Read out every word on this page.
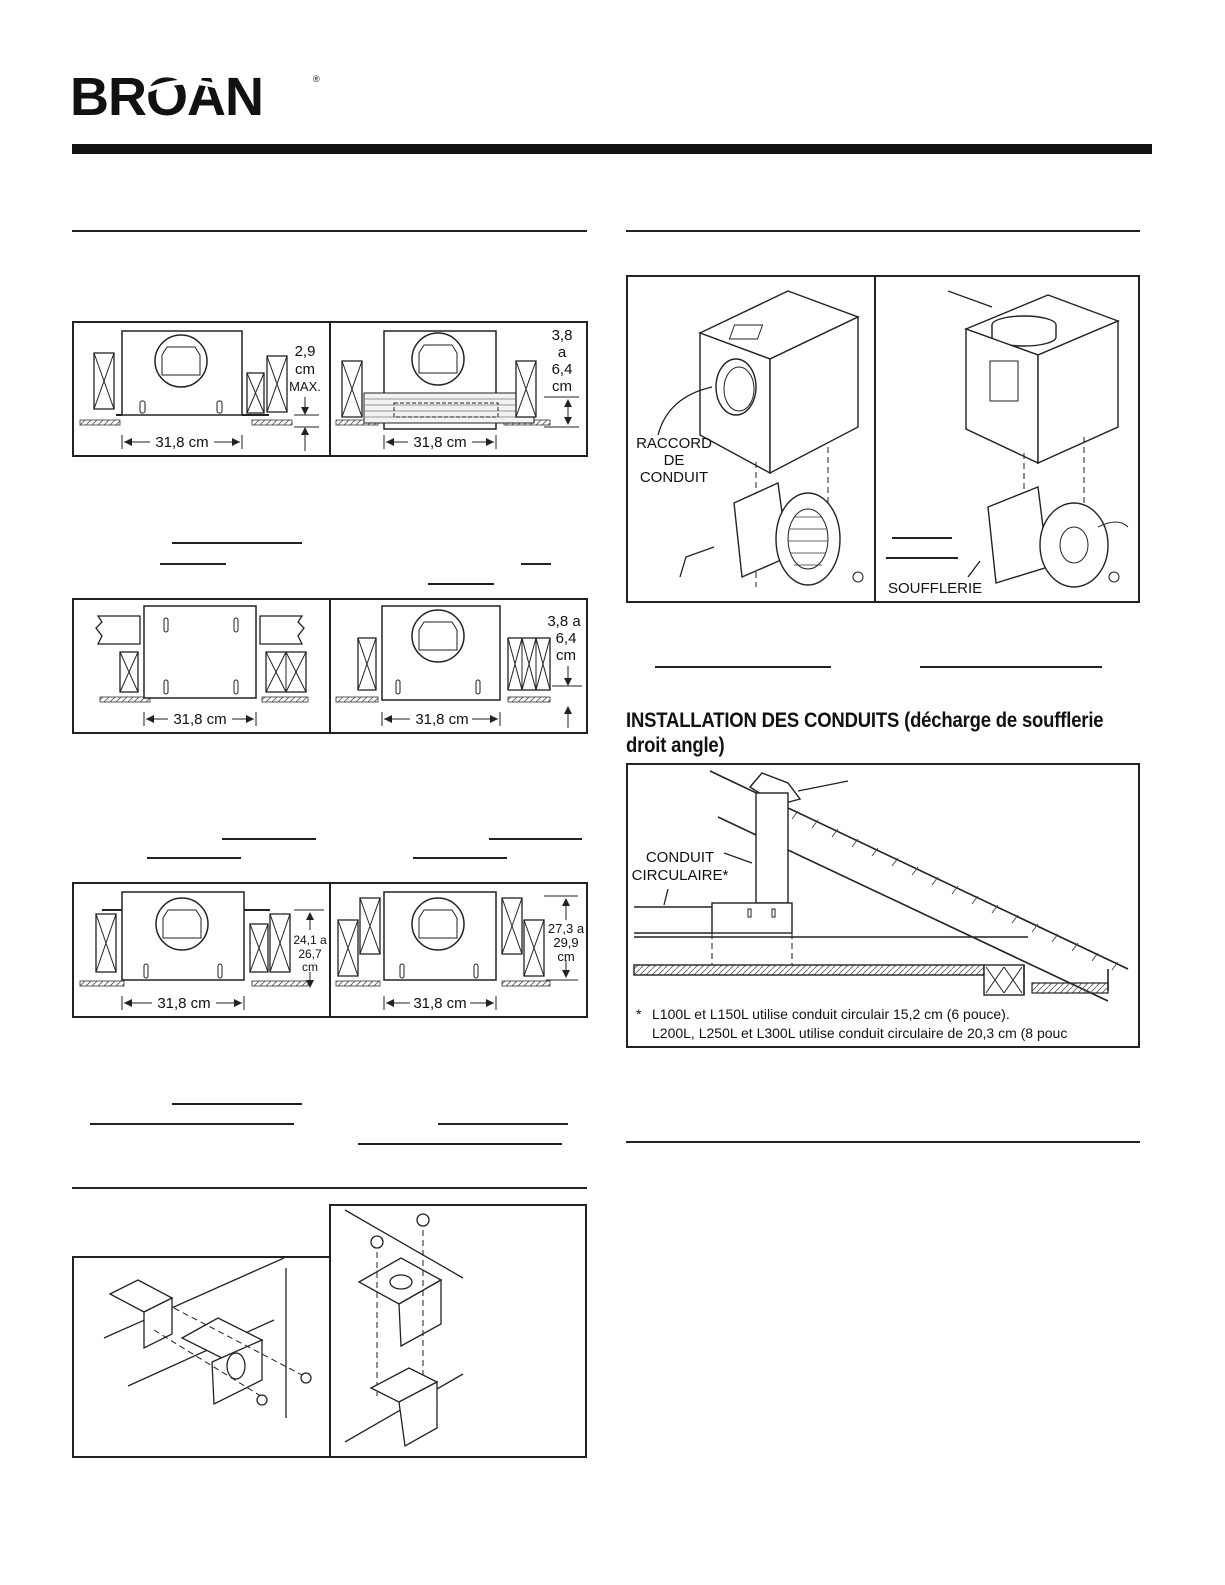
BROAN	®
31,8 cm
2,9
cm
MAX.
31,8 cm
3,8
a
6,4
cm
31,8 cm	31,8 cm
3,8 a
6,4
cm
31,8 cm
24,1 a
26,7
cm
31,8 cm
27,3 a
29,9
cm
RACCORD
DE
CONDUIT
SOUFFLERIE
INSTALLATION DES CONDUITS (décharge de soufflerie droit angle)
CONDUIT
CIRCULAIRE*
* L100L et L150L utilise conduit circulair 15,2 cm (6 pouce).
L200L, L250L et L300L utilise conduit circulaire de 20,3 cm (8 pouc
